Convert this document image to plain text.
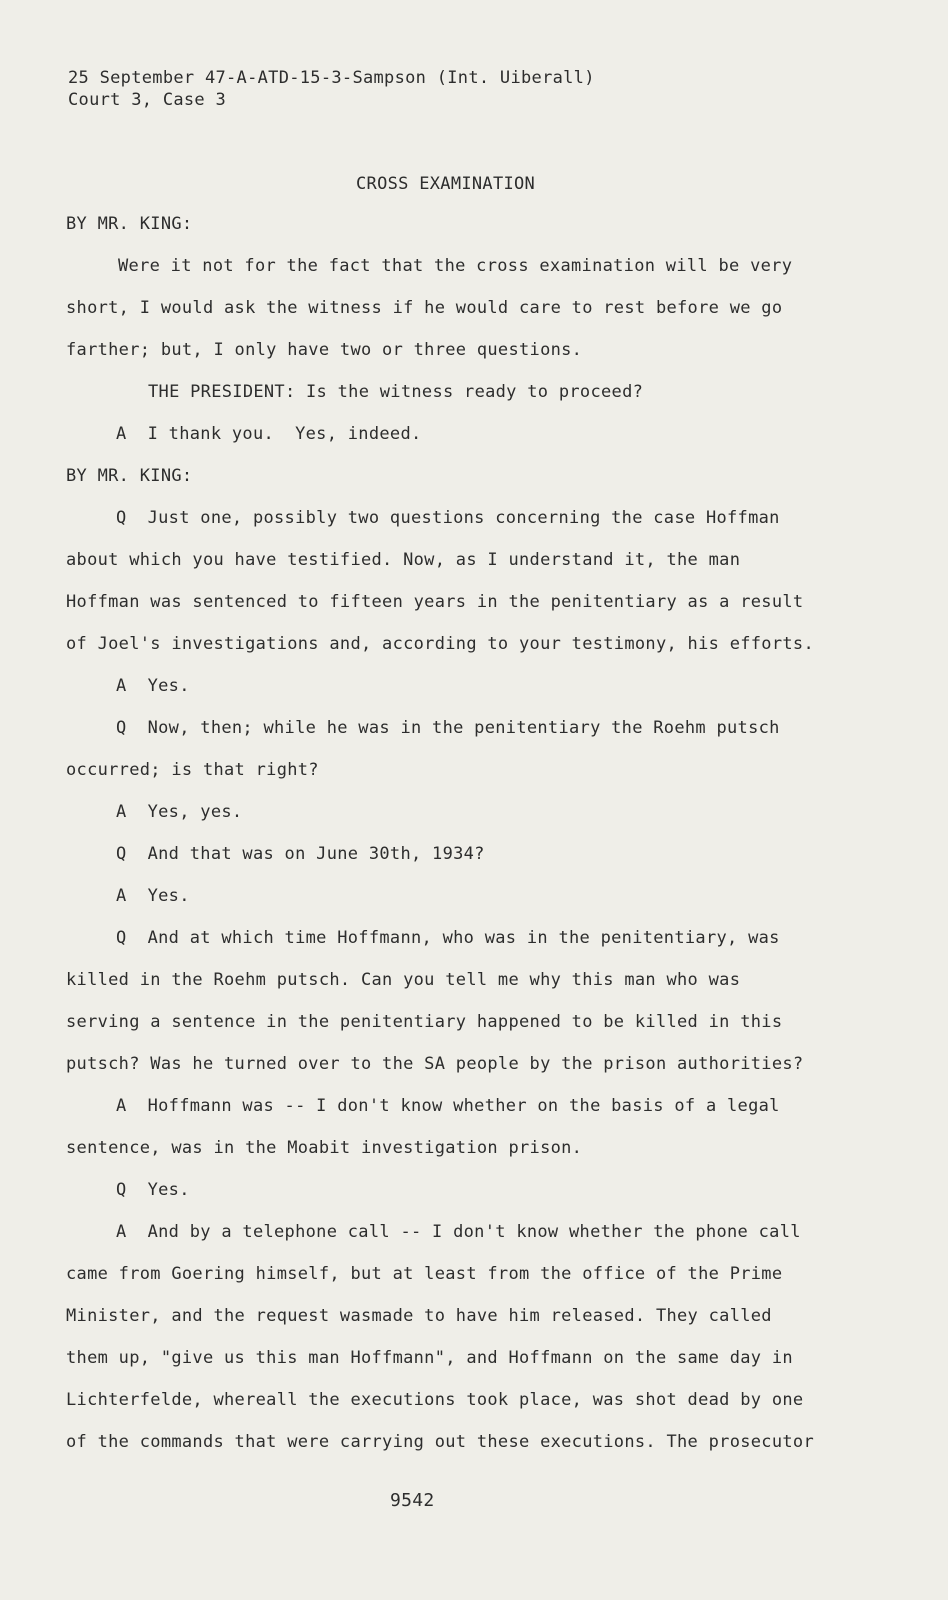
25 September 47-A-ATD-15-3-Sampson (Int. Uiberall)
Court 3, Case 3
CROSS EXAMINATION
BY MR. KING:
Were it not for the fact that the cross examination will be very
short, I would ask the witness if he would care to rest before we go
farther; but, I only have two or three questions.
THE PRESIDENT: Is the witness ready to proceed?
A  I thank you.  Yes, indeed.
BY MR. KING:
Q  Just one, possibly two questions concerning the case Hoffman
about which you have testified. Now, as I understand it, the man
Hoffman was sentenced to fifteen years in the penitentiary as a result
of Joel's investigations and, according to your testimony, his efforts.
A  Yes.
Q  Now, then; while he was in the penitentiary the Roehm putsch
occurred; is that right?
A  Yes, yes.
Q  And that was on June 30th, 1934?
A  Yes.
Q  And at which time Hoffmann, who was in the penitentiary, was
killed in the Roehm putsch. Can you tell me why this man who was
serving a sentence in the penitentiary happened to be killed in this
putsch? Was he turned over to the SA people by the prison authorities?
A  Hoffmann was -- I don't know whether on the basis of a legal
sentence, was in the Moabit investigation prison.
Q  Yes.
A  And by a telephone call -- I don't know whether the phone call
came from Goering himself, but at least from the office of the Prime
Minister, and the request wasmade to have him released. They called
them up, "give us this man Hoffmann", and Hoffmann on the same day in
Lichterfelde, whereall the executions took place, was shot dead by one
of the commands that were carrying out these executions. The prosecutor
9542
